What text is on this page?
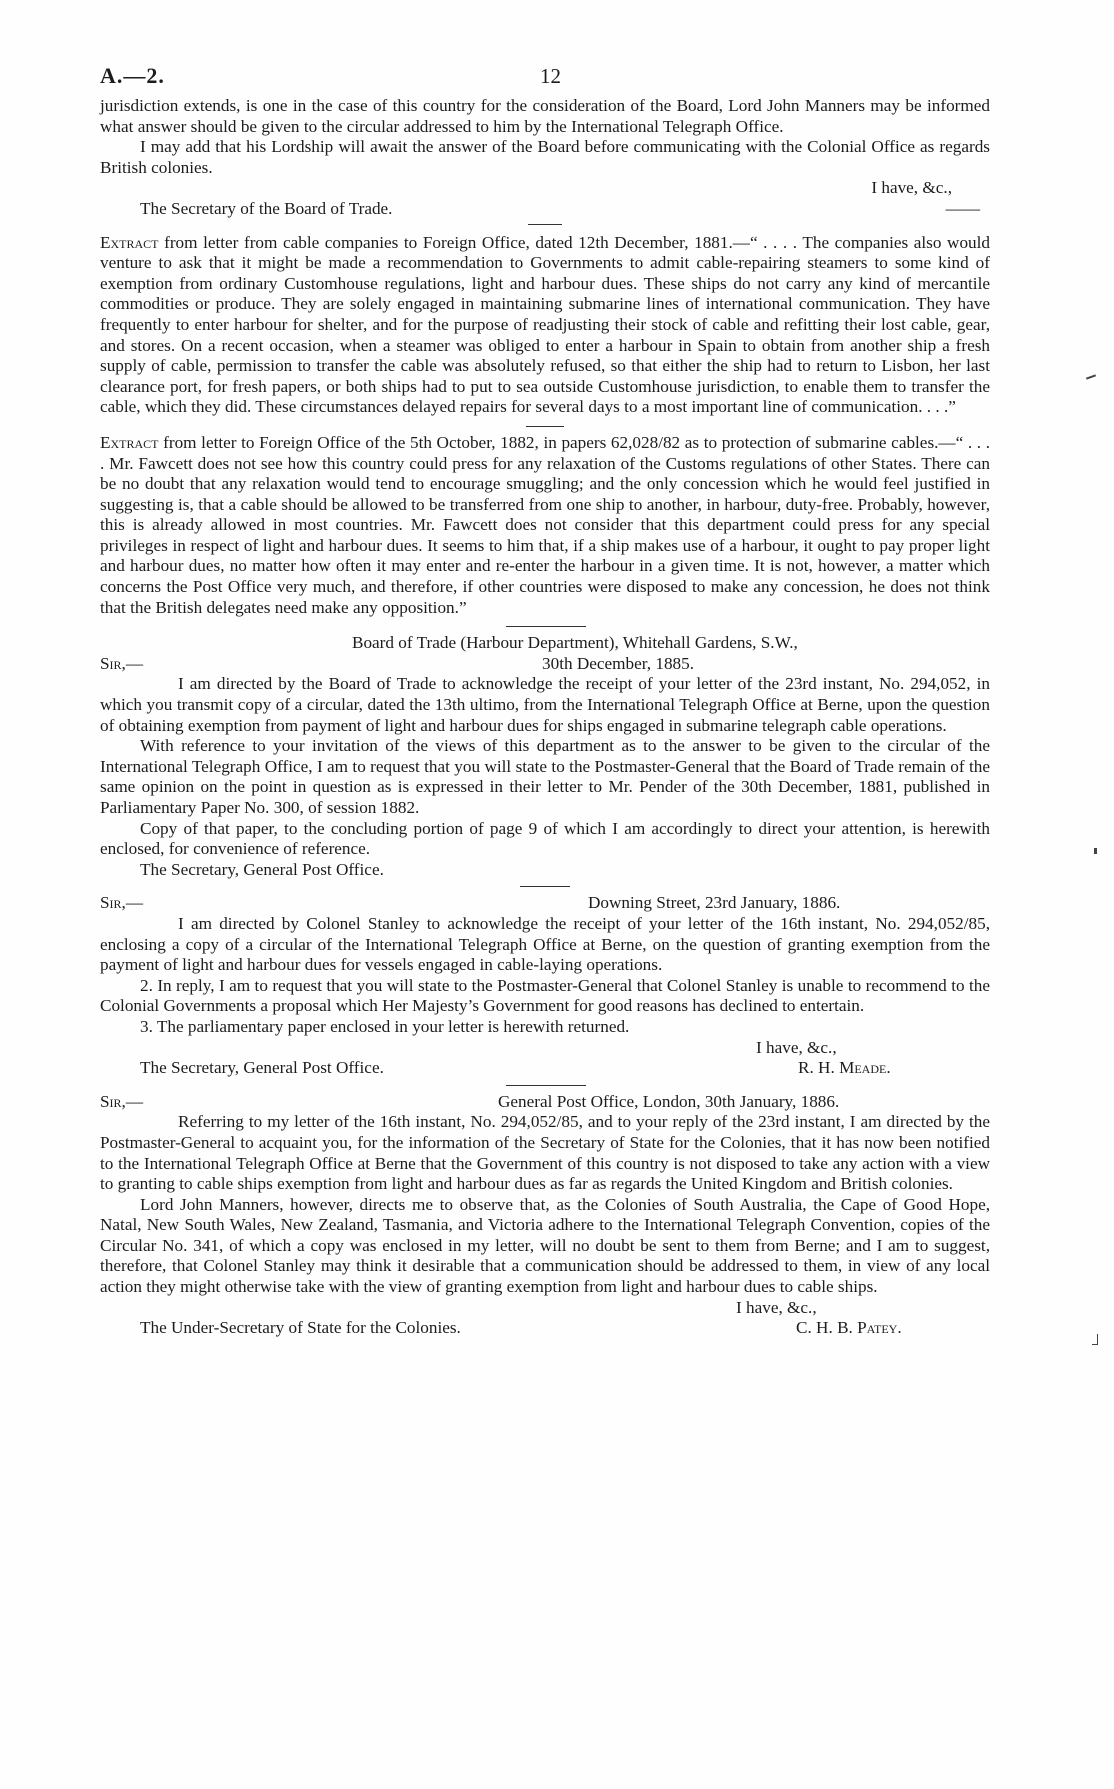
A.—2.	12

jurisdiction extends, is one in the case of this country for the consideration of the Board, Lord John Manners may be informed what answer should be given to the circular addressed to him by the International Telegraph Office.

I may add that his Lordship will await the answer of the Board before communicating with the Colonial Office as regards British colonies.

I have, &c.,
The Secretary of the Board of Trade.	——

Extract from letter from cable companies to Foreign Office, dated 12th December, 1881.—“ . . . . The companies also would venture to ask that it might be made a recommendation to Governments to admit cable-repairing steamers to some kind of exemption from ordinary Customhouse regulations, light and harbour dues. These ships do not carry any kind of mercantile commodities or produce. They are solely engaged in maintaining submarine lines of international communication. They have frequently to enter harbour for shelter, and for the purpose of readjusting their stock of cable and refitting their lost cable, gear, and stores. On a recent occasion, when a steamer was obliged to enter a harbour in Spain to obtain from another ship a fresh supply of cable, permission to transfer the cable was absolutely refused, so that either the ship had to return to Lisbon, her last clearance port, for fresh papers, or both ships had to put to sea outside Customhouse jurisdiction, to enable them to transfer the cable, which they did. These circumstances delayed repairs for several days to a most important line of communication. . . .”

Extract from letter to Foreign Office of the 5th October, 1882, in papers 62,028/82 as to protection of submarine cables.—“ . . . . Mr. Fawcett does not see how this country could press for any relaxation of the Customs regulations of other States. There can be no doubt that any relaxation would tend to encourage smuggling; and the only concession which he would feel justified in suggesting is, that a cable should be allowed to be transferred from one ship to another, in harbour, duty-free. Probably, however, this is already allowed in most countries. Mr. Fawcett does not consider that this department could press for any special privileges in respect of light and harbour dues. It seems to him that, if a ship makes use of a harbour, it ought to pay proper light and harbour dues, no matter how often it may enter and re-enter the harbour in a given time. It is not, however, a matter which concerns the Post Office very much, and therefore, if other countries were disposed to make any concession, he does not think that the British delegates need make any opposition.”

Board of Trade (Harbour Department), Whitehall Gardens, S.W.,
Sir,—	30th December, 1885.

I am directed by the Board of Trade to acknowledge the receipt of your letter of the 23rd instant, No. 294,052, in which you transmit copy of a circular, dated the 13th ultimo, from the International Telegraph Office at Berne, upon the question of obtaining exemption from payment of light and harbour dues for ships engaged in submarine telegraph cable operations.

With reference to your invitation of the views of this department as to the answer to be given to the circular of the International Telegraph Office, I am to request that you will state to the Postmaster-General that the Board of Trade remain of the same opinion on the point in question as is expressed in their letter to Mr. Pender of the 30th December, 1881, published in Parliamentary Paper No. 300, of session 1882.

Copy of that paper, to the concluding portion of page 9 of which I am accordingly to direct your attention, is herewith enclosed, for convenience of reference.

The Secretary, General Post Office.
Sir,—	Downing Street, 23rd January, 1886.

I am directed by Colonel Stanley to acknowledge the receipt of your letter of the 16th instant, No. 294,052/85, enclosing a copy of a circular of the International Telegraph Office at Berne, on the question of granting exemption from the payment of light and harbour dues for vessels engaged in cable-laying operations.

2. In reply, I am to request that you will state to the Postmaster-General that Colonel Stanley is unable to recommend to the Colonial Governments a proposal which Her Majesty’s Government for good reasons has declined to entertain.

3. The parliamentary paper enclosed in your letter is herewith returned.

I have, &c.,
The Secretary, General Post Office.	R. H. Meade.
Sir,—	General Post Office, London, 30th January, 1886.

Referring to my letter of the 16th instant, No. 294,052/85, and to your reply of the 23rd instant, I am directed by the Postmaster-General to acquaint you, for the information of the Secretary of State for the Colonies, that it has now been notified to the International Telegraph Office at Berne that the Government of this country is not disposed to take any action with a view to granting to cable ships exemption from light and harbour dues as far as regards the United Kingdom and British colonies.

Lord John Manners, however, directs me to observe that, as the Colonies of South Australia, the Cape of Good Hope, Natal, New South Wales, New Zealand, Tasmania, and Victoria adhere to the International Telegraph Convention, copies of the Circular No. 341, of which a copy was enclosed in my letter, will no doubt be sent to them from Berne; and I am to suggest, therefore, that Colonel Stanley may think it desirable that a communication should be addressed to them, in view of any local action they might otherwise take with the view of granting exemption from light and harbour dues to cable ships.

I have, &c.,
The Under-Secretary of State for the Colonies.	C. H. B. Patey.
